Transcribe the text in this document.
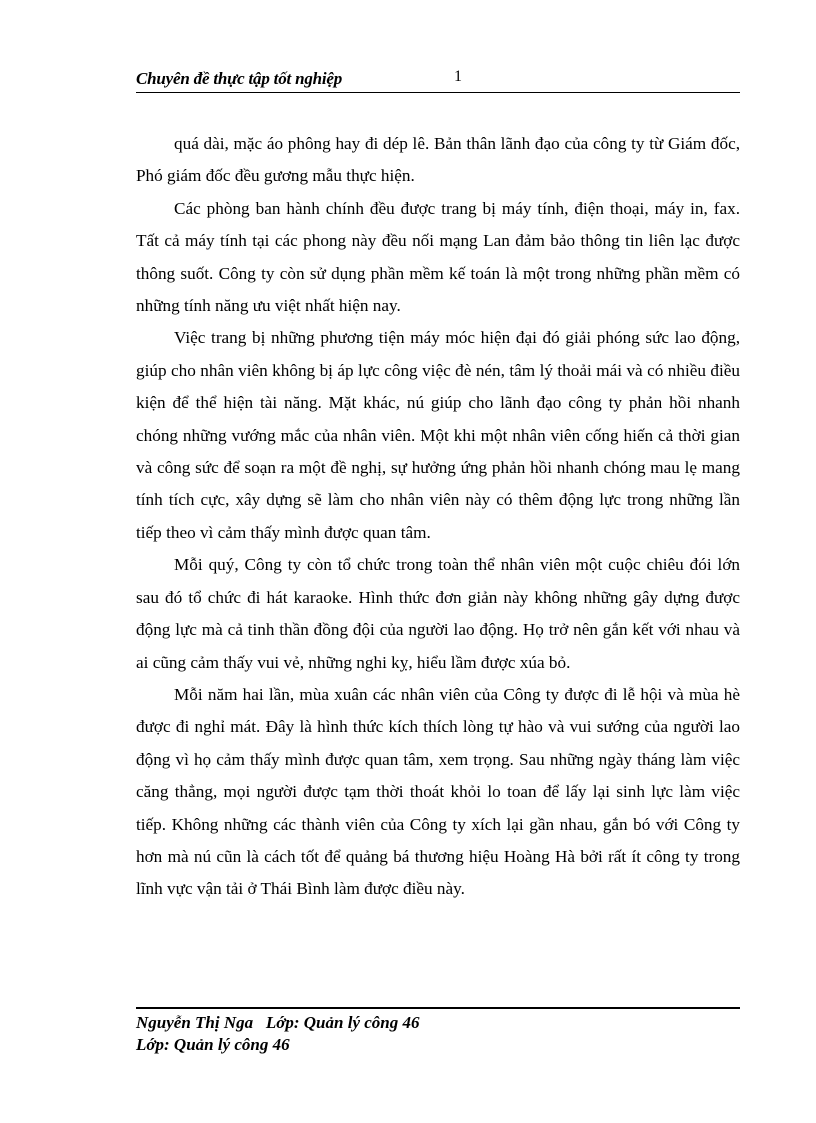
Chuyên đề thực tập tốt nghiệp	1

quá dài, mặc áo phông hay đi dép lê. Bản thân lãnh đạo của công ty từ Giám đốc, Phó giám đốc đều gương mẫu thực hiện.

Các phòng ban hành chính đều được trang bị máy tính, điện thoại, máy in, fax. Tất cả máy tính tại các phong này đều nối mạng Lan đảm bảo thông tin liên lạc được thông suốt. Công ty còn sử dụng phần mềm kế toán là một trong những phần mềm có những tính năng ưu việt nhất hiện nay.

Việc trang bị những phương tiện máy móc hiện đại đó giải phóng sức lao động, giúp cho nhân viên không bị áp lực công việc đè nén, tâm lý thoải mái và có nhiều điều kiện để thể hiện tài năng. Mặt khác, nú giúp cho lãnh đạo công ty phản hồi nhanh chóng những vướng mắc của nhân viên. Một khi một nhân viên cống hiến cả thời gian và công sức để soạn ra một đề nghị, sự hưởng ứng phản hồi nhanh chóng mau lẹ mang tính tích cực, xây dựng sẽ làm cho nhân viên này có thêm động lực trong những lần tiếp theo vì cảm thấy mình được quan tâm.

Mỗi quý, Công ty còn tổ chức trong toàn thể nhân viên một cuộc chiêu đói lớn sau đó tổ chức đi hát karaoke. Hình thức đơn giản này không những gây dựng được động lực mà cả tinh thần đồng đội của người lao động. Họ trở nên gắn kết với nhau và ai cũng cảm thấy vui vẻ, những nghi kỵ, hiểu lầm được xúa bỏ.

Mỗi năm hai lần, mùa xuân các nhân viên của Công ty được đi lễ hội và mùa hè được đi nghỉ mát. Đây là hình thức kích thích lòng tự hào và vui sướng của người lao động vì họ cảm thấy mình được quan tâm, xem trọng. Sau những ngày tháng làm việc căng thẳng, mọi người được tạm thời thoát khỏi lo toan để lấy lại sinh lực làm việc tiếp. Không những các thành viên của Công ty xích lại gần nhau, gắn bó với Công ty hơn mà nú cũn là cách tốt để quảng bá thương hiệu Hoàng Hà bởi rất ít công ty trong lĩnh vực vận tải ở Thái Bình làm được điều này.

Nguyễn Thị Nga   Lớp: Quản lý công 46
Lớp: Quản lý công 46
